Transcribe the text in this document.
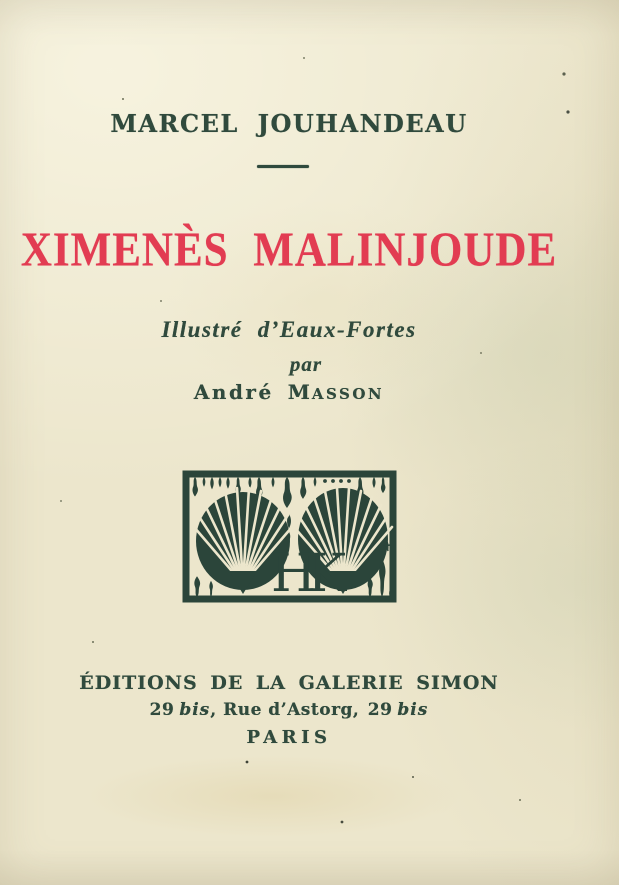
MARCEL JOUHANDEAU
XIMENÈS MALINJOUDE
Illustré d’Eaux-Fortes
par
André MASSON
HK
ÉDITIONS DE LA GALERIE SIMON
29 bis, Rue d’Astorg, 29 bis
PARIS
